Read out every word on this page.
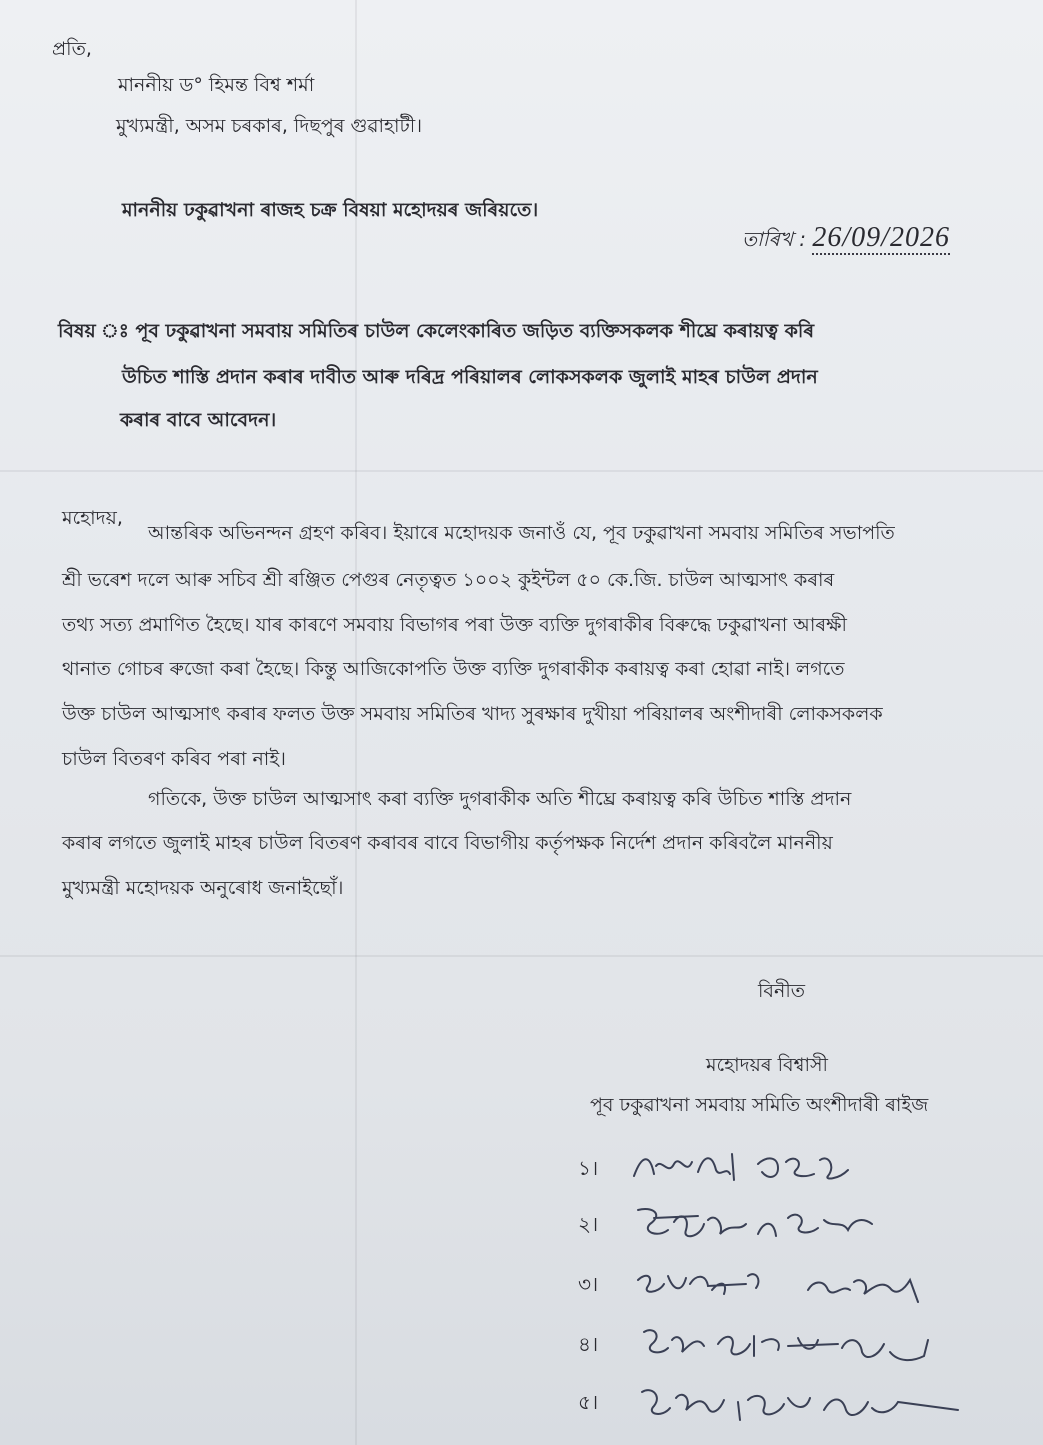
প্ৰতি,
মাননীয় ড° হিমন্ত বিশ্ব শৰ্মা
মুখ্যমন্ত্ৰী, অসম চৰকাৰ, দিছপুৰ গুৱাহাটী।
মাননীয় ঢকুৱাখনা ৰাজহ চক্ৰ বিষয়া মহোদয়ৰ জৰিয়তে।
তাৰিখ : 26/09/2026
বিষয় ঃ পূব ঢকুৱাখনা সমবায় সমিতিৰ চাউল কেলেংকাৰিত জড়িত ব্যক্তিসকলক শীঘ্ৰে কৰায়ত্ব কৰি
উচিত শাস্তি প্ৰদান কৰাৰ দাবীত আৰু দৰিদ্ৰ পৰিয়ালৰ লোকসকলক জুলাই মাহৰ চাউল প্ৰদান
কৰাৰ বাবে আবেদন।
মহোদয়,
আন্তৰিক অভিনন্দন গ্ৰহণ কৰিব। ইয়াৰে মহোদয়ক জনাওঁ যে, পূব ঢকুৱাখনা সমবায় সমিতিৰ সভাপতি
শ্ৰী ভৰেশ দলে আৰু সচিব শ্ৰী ৰঞ্জিত পেগুৰ নেতৃত্বত ১০০২ কুইন্টল ৫০ কে.জি. চাউল আত্মসাৎ কৰাৰ
তথ্য সত্য প্ৰমাণিত হৈছে। যাৰ কাৰণে সমবায় বিভাগৰ পৰা উক্ত ব্যক্তি দুগৰাকীৰ বিৰুদ্ধে ঢকুৱাখনা আৰক্ষী
থানাত গোচৰ ৰুজো কৰা হৈছে। কিন্তু আজিকোপতি উক্ত ব্যক্তি দুগৰাকীক কৰায়ত্ব কৰা হোৱা নাই। লগতে
উক্ত চাউল আত্মসাৎ কৰাৰ ফলত উক্ত সমবায় সমিতিৰ খাদ্য সুৰক্ষাৰ দুখীয়া পৰিয়ালৰ অংশীদাৰী লোকসকলক
চাউল বিতৰণ কৰিব পৰা নাই।
গতিকে, উক্ত চাউল আত্মসাৎ কৰা ব্যক্তি দুগৰাকীক অতি শীঘ্ৰে কৰায়ত্ব কৰি উচিত শাস্তি প্ৰদান
কৰাৰ লগতে জুলাই মাহৰ চাউল বিতৰণ কৰাবৰ বাবে বিভাগীয় কৰ্তৃপক্ষক নিৰ্দেশ প্ৰদান কৰিবলৈ মাননীয়
মুখ্যমন্ত্ৰী মহোদয়ক অনুৰোধ জনাইছোঁ।
বিনীত
মহোদয়ৰ বিশ্বাসী
পূব ঢকুৱাখনা সমবায় সমিতি অংশীদাৰী ৰাইজ
১।
২।
৩।
৪।
৫।
